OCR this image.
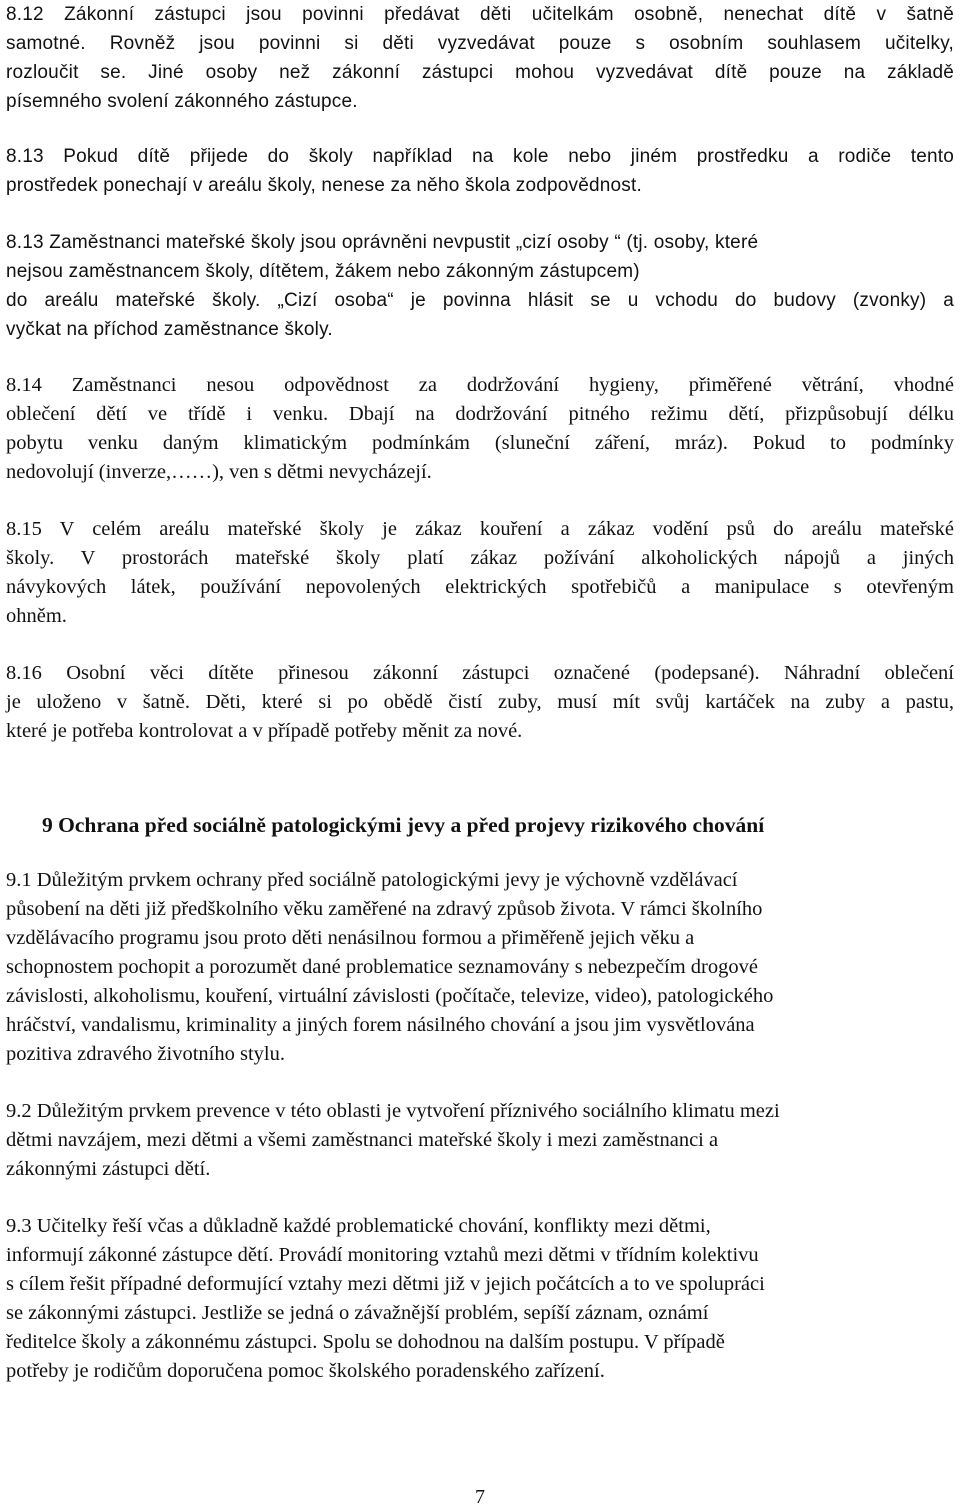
8.12 Zákonní zástupci jsou povinni předávat děti učitelkám osobně, nenechat dítě v šatně
samotné. Rovněž jsou povinni si děti vyzvedávat pouze s osobním souhlasem učitelky,
rozloučit se. Jiné osoby než zákonní zástupci mohou vyzvedávat dítě pouze na základě
písemného svolení zákonného zástupce.
8.13 Pokud dítě přijede do školy například na kole nebo jiném prostředku a rodiče tento
prostředek ponechají v areálu školy, nenese za něho škola zodpovědnost.
8.13 Zaměstnanci mateřské školy jsou oprávněni nevpustit „cizí osoby “ (tj. osoby, které
nejsou zaměstnancem školy, dítětem, žákem nebo zákonným zástupcem)
do areálu mateřské školy. „Cizí osoba“ je povinna hlásit se u vchodu do budovy (zvonky) a
vyčkat na příchod zaměstnance školy.
8.14 Zaměstnanci nesou odpovědnost za dodržování hygieny, přiměřené větrání, vhodné
oblečení dětí ve třídě i venku. Dbají na dodržování pitného režimu dětí, přizpůsobují délku
pobytu venku daným klimatickým podmínkám (sluneční záření, mráz). Pokud to podmínky
nedovolují (inverze,……), ven s dětmi nevycházejí.
8.15 V celém areálu mateřské školy je zákaz kouření a zákaz vodění psů do areálu mateřské
školy. V prostorách mateřské školy platí zákaz požívání alkoholických nápojů a jiných
návykových látek, používání nepovolených elektrických spotřebičů a manipulace s otevřeným
ohněm.
8.16 Osobní věci dítěte přinesou zákonní zástupci označené (podepsané). Náhradní oblečení
je uloženo v šatně. Děti, které si po obědě čistí zuby, musí mít svůj kartáček na zuby a pastu,
které je potřeba kontrolovat a v případě potřeby měnit za nové.
9 Ochrana před sociálně patologickými jevy a před projevy rizikového chování
9.1 Důležitým prvkem ochrany před sociálně patologickými jevy je výchovně vzdělávací
působení na děti již předškolního věku zaměřené na zdravý způsob života. V rámci školního
vzdělávacího programu jsou proto děti nenásilnou formou a přiměřeně jejich věku a
schopnostem pochopit a porozumět dané problematice seznamovány s nebezpečím drogové
závislosti, alkoholismu, kouření, virtuální závislosti (počítače, televize, video), patologického
hráčství, vandalismu, kriminality a jiných forem násilného chování a jsou jim vysvětlována
pozitiva zdravého životního stylu.
9.2 Důležitým prvkem prevence v této oblasti je vytvoření příznivého sociálního klimatu mezi
dětmi navzájem, mezi dětmi a všemi zaměstnanci mateřské školy i mezi zaměstnanci a
zákonnými zástupci dětí.
9.3 Učitelky řeší včas a důkladně každé problematické chování, konflikty mezi dětmi,
informují zákonné zástupce dětí. Provádí monitoring vztahů mezi dětmi v třídním kolektivu
s cílem řešit případné deformující vztahy mezi dětmi již v jejich počátcích a to ve spolupráci
se zákonnými zástupci. Jestliže se jedná o závažnější problém, sepíší záznam, oznámí
ředitelce školy a zákonnému zástupci. Spolu se dohodnou na dalším postupu. V případě
potřeby je rodičům doporučena pomoc školského poradenského zařízení.
7
